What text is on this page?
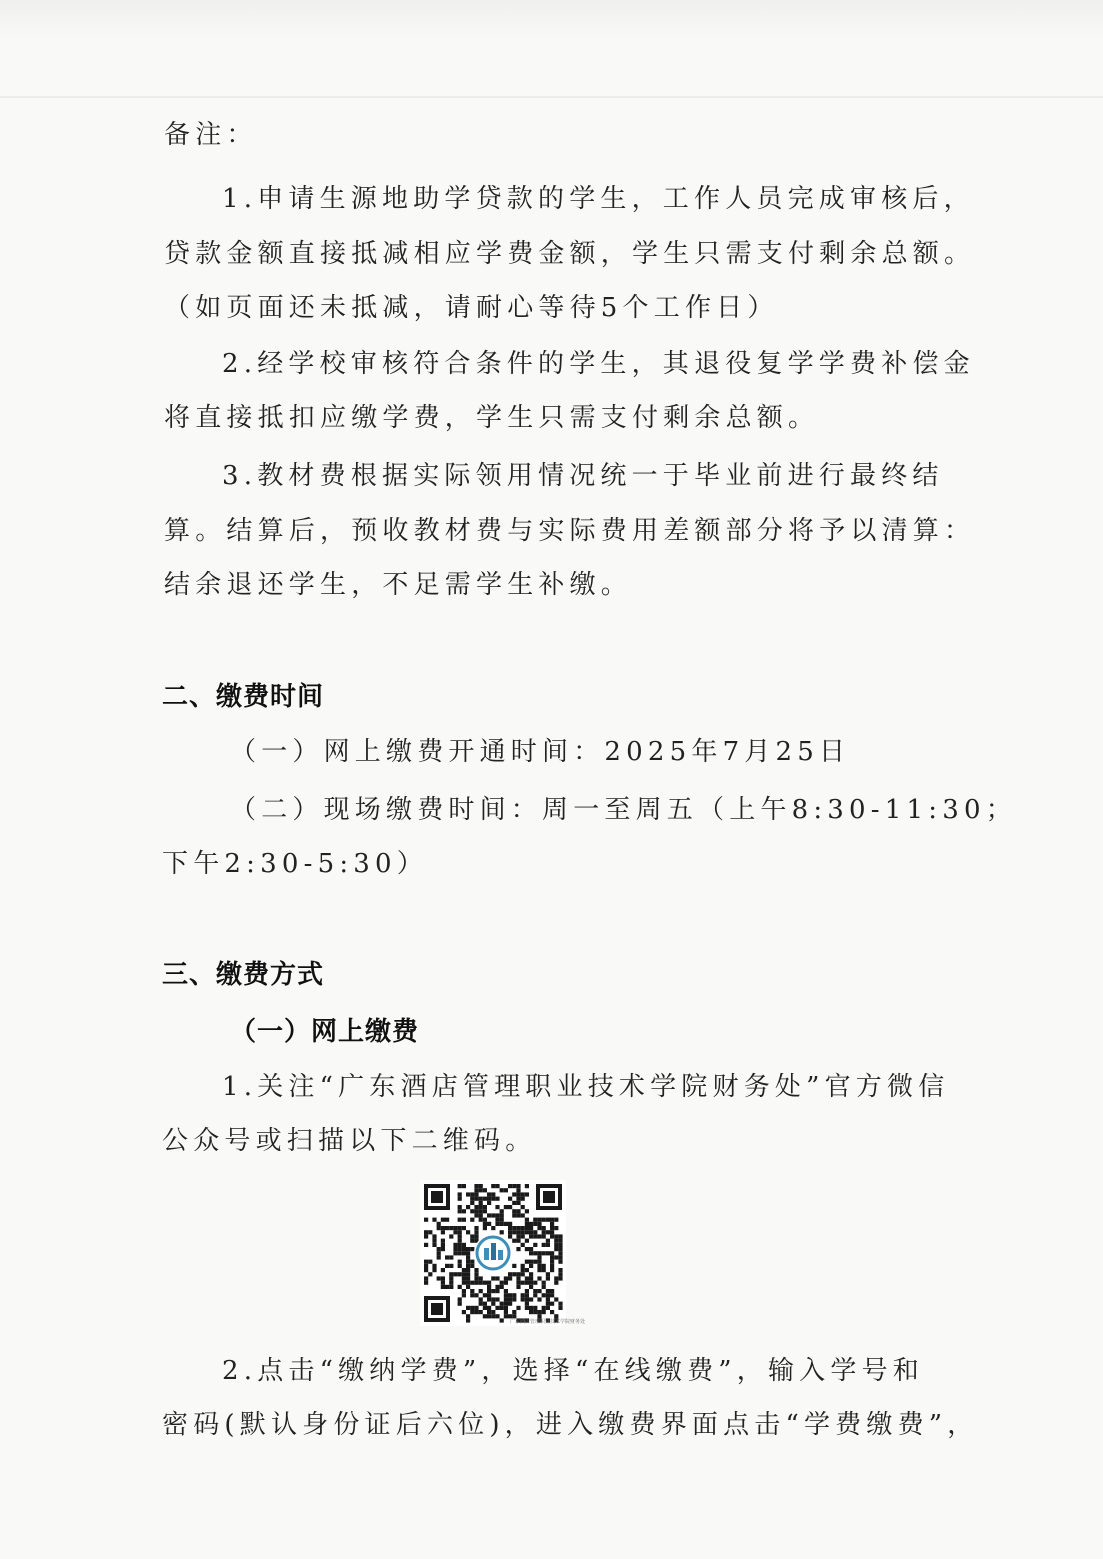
备注：
1.申请生源地助学贷款的学生，工作人员完成审核后，
贷款金额直接抵减相应学费金额，学生只需支付剩余总额。
（如页面还未抵减，请耐心等待5个工作日）
2.经学校审核符合条件的学生，其退役复学学费补偿金
将直接抵扣应缴学费，学生只需支付剩余总额。
3.教材费根据实际领用情况统一于毕业前进行最终结
算。结算后，预收教材费与实际费用差额部分将予以清算：
结余退还学生，不足需学生补缴。
二、缴费时间
（一）网上缴费开通时间：2025年7月25日
（二）现场缴费时间：周一至周五（上午8:30-11:30；
下午2:30-5:30）
三、缴费方式
（一）网上缴费
1.关注“广东酒店管理职业技术学院财务处”官方微信
公众号或扫描以下二维码。
广东酒店管理职业技术学院财务处
2.点击“缴纳学费”，选择“在线缴费”，输入学号和
密码(默认身份证后六位)，进入缴费界面点击“学费缴费”，
